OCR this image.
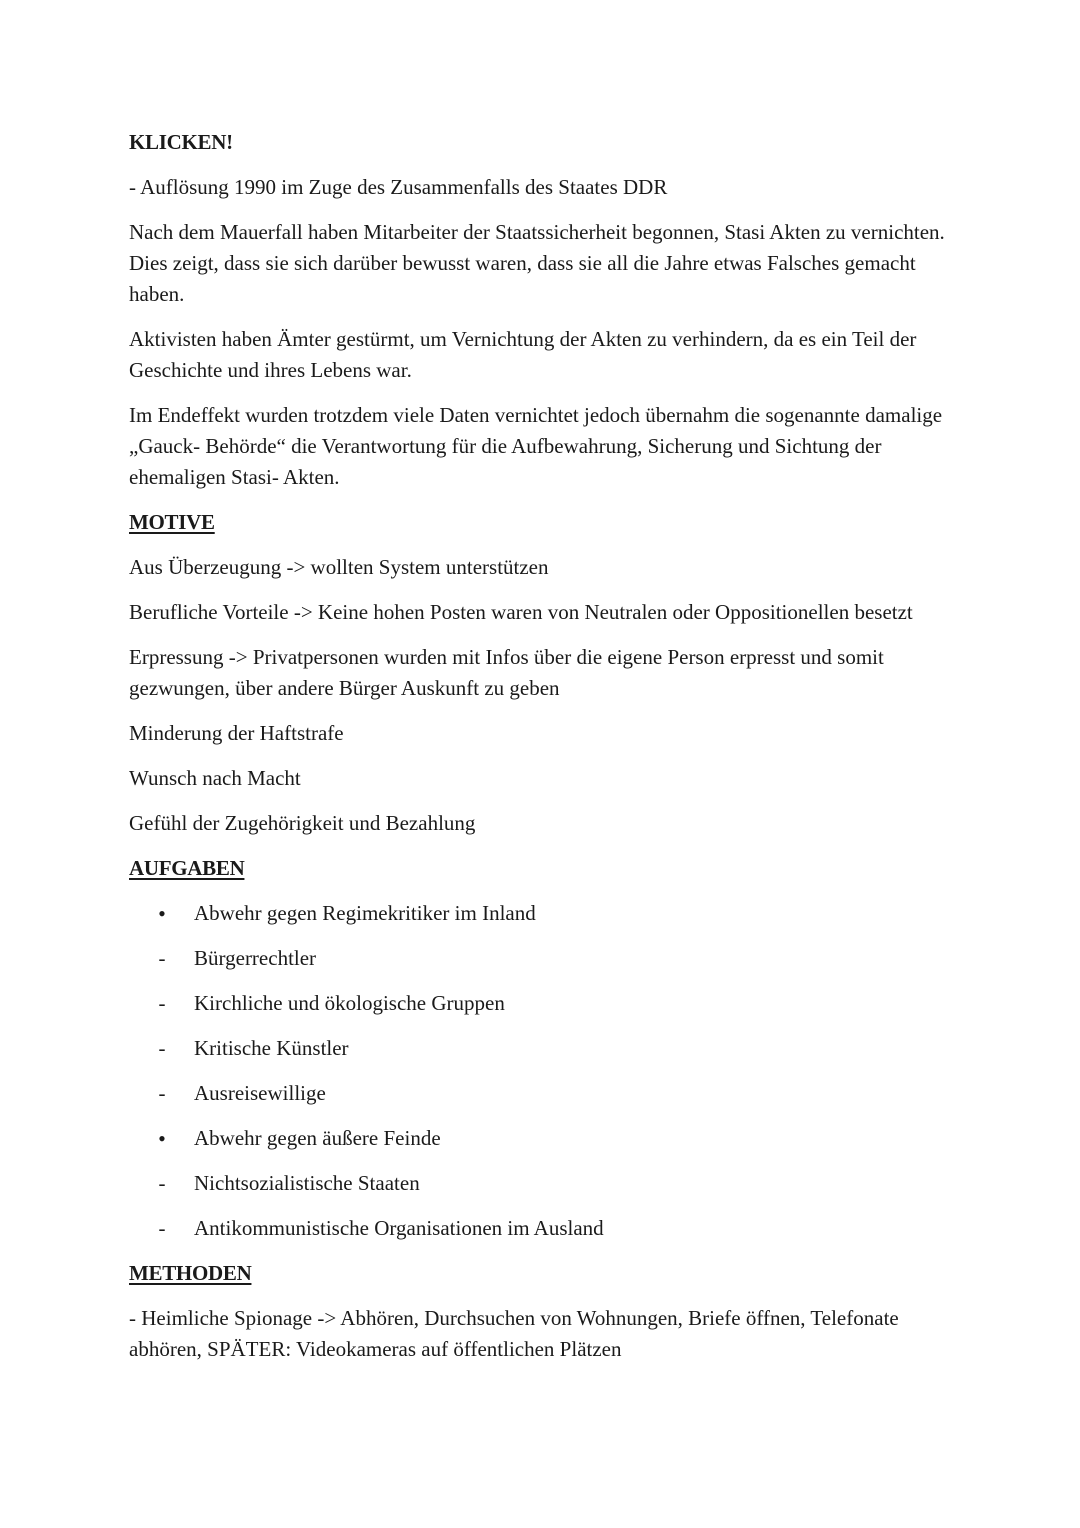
KLICKEN!

- Auflösung 1990 im Zuge des Zusammenfalls des Staates DDR

Nach dem Mauerfall haben Mitarbeiter der Staatssicherheit begonnen, Stasi Akten zu vernichten. Dies zeigt, dass sie sich darüber bewusst waren, dass sie all die Jahre etwas Falsches gemacht haben.

Aktivisten haben Ämter gestürmt, um Vernichtung der Akten zu verhindern, da es ein Teil der Geschichte und ihres Lebens war.

Im Endeffekt wurden trotzdem viele Daten vernichtet jedoch übernahm die sogenannte damalige „Gauck- Behörde“ die Verantwortung für die Aufbewahrung, Sicherung und Sichtung der ehemaligen Stasi- Akten.

MOTIVE

Aus Überzeugung -> wollten System unterstützen

Berufliche Vorteile -> Keine hohen Posten waren von Neutralen oder Oppositionellen besetzt

Erpressung -> Privatpersonen wurden mit Infos über die eigene Person erpresst und somit gezwungen, über andere Bürger Auskunft zu geben

Minderung der Haftstrafe

Wunsch nach Macht

Gefühl der Zugehörigkeit und Bezahlung

AUFGABEN

•
Abwehr gegen Regimekritiker im Inland
-
Bürgerrechtler
-
Kirchliche und ökologische Gruppen
-
Kritische Künstler
-
Ausreisewillige
•
Abwehr gegen äußere Feinde
-
Nichtsozialistische Staaten
-
Antikommunistische Organisationen im Ausland

METHODEN

- Heimliche Spionage -> Abhören, Durchsuchen von Wohnungen, Briefe öffnen, Telefonate abhören, SPÄTER: Videokameras auf öffentlichen Plätzen
